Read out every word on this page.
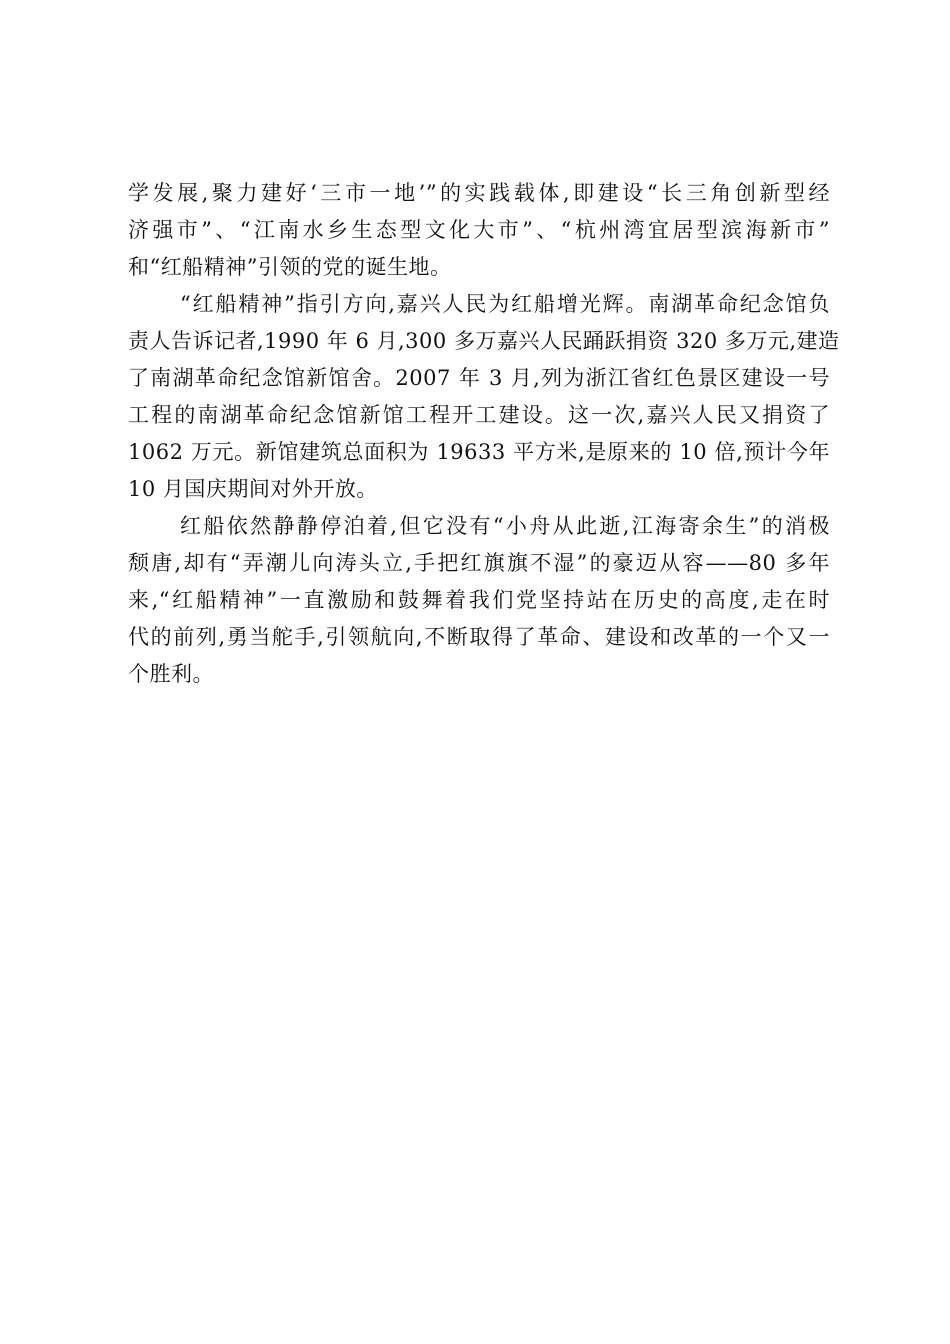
学发展,聚力建好‘三市一地’”的实践载体,即建设“长三角创新型经
济强市”、“江南水乡生态型文化大市”、“杭州湾宜居型滨海新市”
和“红船精神”引领的党的诞生地。
“红船精神”指引方向,嘉兴人民为红船增光辉。南湖革命纪念馆负
责人告诉记者,1990 年 6 月,300 多万嘉兴人民踊跃捐资 320 多万元,建造
了南湖革命纪念馆新馆舍。2007 年 3 月,列为浙江省红色景区建设一号
工程的南湖革命纪念馆新馆工程开工建设。这一次,嘉兴人民又捐资了
1062 万元。新馆建筑总面积为 19633 平方米,是原来的 10 倍,预计今年
10 月国庆期间对外开放。
红船依然静静停泊着,但它没有“小舟从此逝,江海寄余生”的消极
颓唐,却有“弄潮儿向涛头立,手把红旗旗不湿”的豪迈从容——80 多年
来,“红船精神”一直激励和鼓舞着我们党坚持站在历史的高度,走在时
代的前列,勇当舵手,引领航向,不断取得了革命、建设和改革的一个又一
个胜利。
